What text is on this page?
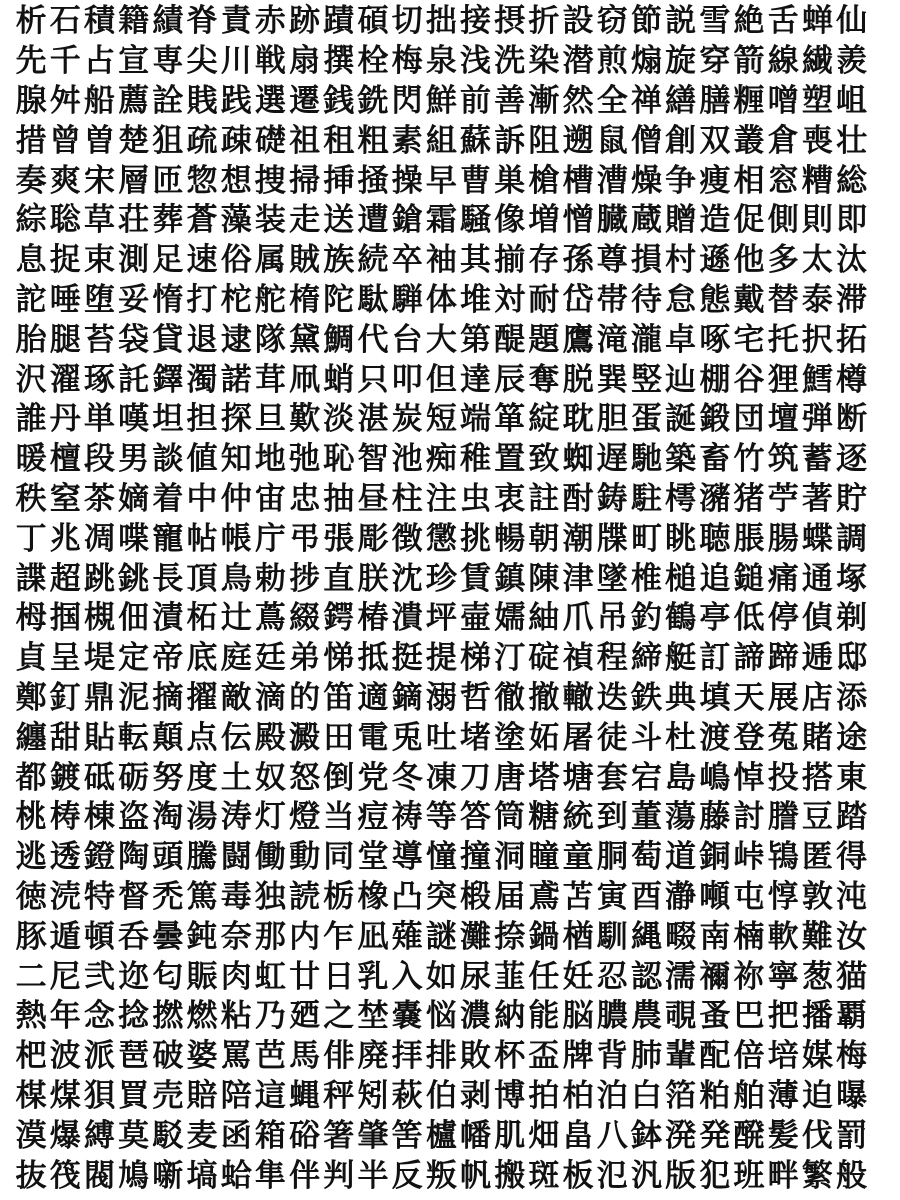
析 石 積 籍 績 脊 責 赤 跡 蹟 碩 切 拙 接 摂 折 設 窃 節 説 雪 絶 舌 蝉 仙
先 千 占 宣 専 尖 川 戦 扇 撰 栓 梅 泉 浅 洗 染 潜 煎 煽 旋 穿 箭 線 繊 羨
腺 舛 船 薦 詮 賎 践 選 遷 銭 銑 閃 鮮 前 善 漸 然 全 禅 繕 膳 糎 噌 塑 岨
措 曾 曽 楚 狙 疏 疎 礎 祖 租 粗 素 組 蘇 訴 阻 遡 鼠 僧 創 双 叢 倉 喪 壮
奏 爽 宋 層 匝 惣 想 捜 掃 挿 掻 操 早 曹 巣 槍 槽 漕 燥 争 痩 相 窓 糟 総
綜 聡 草 荘 葬 蒼 藻 装 走 送 遭 鎗 霜 騒 像 増 憎 臓 蔵 贈 造 促 側 則 即
息 捉 束 測 足 速 俗 属 賊 族 続 卒 袖 其 揃 存 孫 尊 損 村 遜 他 多 太 汰
詑 唾 堕 妥 惰 打 柁 舵 楕 陀 駄 騨 体 堆 対 耐 岱 帯 待 怠 態 戴 替 泰 滞
胎 腿 苔 袋 貸 退 逮 隊 黛 鯛 代 台 大 第 醍 題 鷹 滝 瀧 卓 啄 宅 托 択 拓
沢 濯 琢 託 鐸 濁 諾 茸 凧 蛸 只 叩 但 達 辰 奪 脱 巽 竪 辿 棚 谷 狸 鱈 樽
誰 丹 単 嘆 坦 担 探 旦 歎 淡 湛 炭 短 端 箪 綻 耽 胆 蛋 誕 鍛 団 壇 弾 断
暖 檀 段 男 談 値 知 地 弛 恥 智 池 痴 稚 置 致 蜘 遅 馳 築 畜 竹 筑 蓄 逐
秩 窒 茶 嫡 着 中 仲 宙 忠 抽 昼 柱 注 虫 衷 註 酎 鋳 駐 樗 瀦 猪 苧 著 貯
丁 兆 凋 喋 寵 帖 帳 庁 弔 張 彫 徴 懲 挑 暢 朝 潮 牒 町 眺 聴 脹 腸 蝶 調
諜 超 跳 銚 長 頂 鳥 勅 捗 直 朕 沈 珍 賃 鎮 陳 津 墜 椎 槌 追 鎚 痛 通 塚
栂 掴 槻 佃 漬 柘 辻 蔦 綴 鍔 椿 潰 坪 壷 嬬 紬 爪 吊 釣 鶴 亭 低 停 偵 剃
貞 呈 堤 定 帝 底 庭 廷 弟 悌 抵 挺 提 梯 汀 碇 禎 程 締 艇 訂 諦 蹄 逓 邸
鄭 釘 鼎 泥 摘 擢 敵 滴 的 笛 適 鏑 溺 哲 徹 撤 轍 迭 鉄 典 填 天 展 店 添
纏 甜 貼 転 顛 点 伝 殿 澱 田 電 兎 吐 堵 塗 妬 屠 徒 斗 杜 渡 登 菟 賭 途
都 鍍 砥 砺 努 度 土 奴 怒 倒 党 冬 凍 刀 唐 塔 塘 套 宕 島 嶋 悼 投 搭 東
桃 梼 棟 盗 淘 湯 涛 灯 燈 当 痘 祷 等 答 筒 糖 統 到 董 蕩 藤 討 謄 豆 踏
逃 透 鐙 陶 頭 騰 闘 働 動 同 堂 導 憧 撞 洞 瞳 童 胴 萄 道 銅 峠 鴇 匿 得
徳 涜 特 督 禿 篤 毒 独 読 栃 橡 凸 突 椴 届 鳶 苫 寅 酉 瀞 噸 屯 惇 敦 沌
豚 遁 頓 呑 曇 鈍 奈 那 内 乍 凪 薙 謎 灘 捺 鍋 楢 馴 縄 畷 南 楠 軟 難 汝
二 尼 弐 迩 匂 賑 肉 虹 廿 日 乳 入 如 尿 韮 任 妊 忍 認 濡 禰 祢 寧 葱 猫
熱 年 念 捻 撚 燃 粘 乃 廼 之 埜 嚢 悩 濃 納 能 脳 膿 農 覗 蚤 巴 把 播 覇
杷 波 派 琶 破 婆 罵 芭 馬 俳 廃 拝 排 敗 杯 盃 牌 背 肺 輩 配 倍 培 媒 梅
楳 煤 狽 買 売 賠 陪 這 蝿 秤 矧 萩 伯 剥 博 拍 柏 泊 白 箔 粕 舶 薄 迫 曝
漠 爆 縛 莫 駁 麦 函 箱 硲 箸 肇 筈 櫨 幡 肌 畑 畠 八 鉢 溌 発 醗 髪 伐 罰
抜 筏 閥 鳩 噺 塙 蛤 隼 伴 判 半 反 叛 帆 搬 斑 板 氾 汎 版 犯 班 畔 繁 般
